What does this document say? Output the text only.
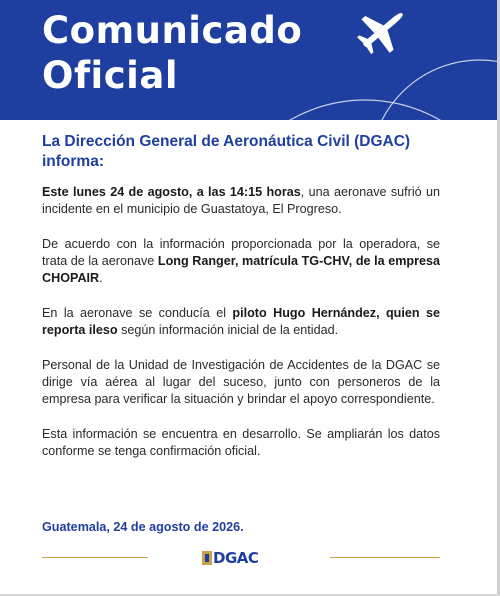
Comunicado
Oficial
La Dirección General de Aeronáutica Civil (DGAC) informa:

Este lunes 24 de agosto, a las 14:15 horas, una aeronave sufrió un incidente en el municipio de Guastatoya, El Progreso.

De acuerdo con la información proporcionada por la operadora, se trata de la aeronave Long Ranger, matrícula TG-CHV, de la empresa CHOPAIR.

En la aeronave se conducía el piloto Hugo Hernández, quien se reporta ileso según información inicial de la entidad.

Personal de la Unidad de Investigación de Accidentes de la DGAC se dirige vía aérea al lugar del suceso, junto con personeros de la empresa para verificar la situación y brindar el apoyo correspondiente.

Esta información se encuentra en desarrollo. Se ampliarán los datos conforme se tenga confirmación oficial.

Guatemala, 24 de agosto de 2026.
DGAC
